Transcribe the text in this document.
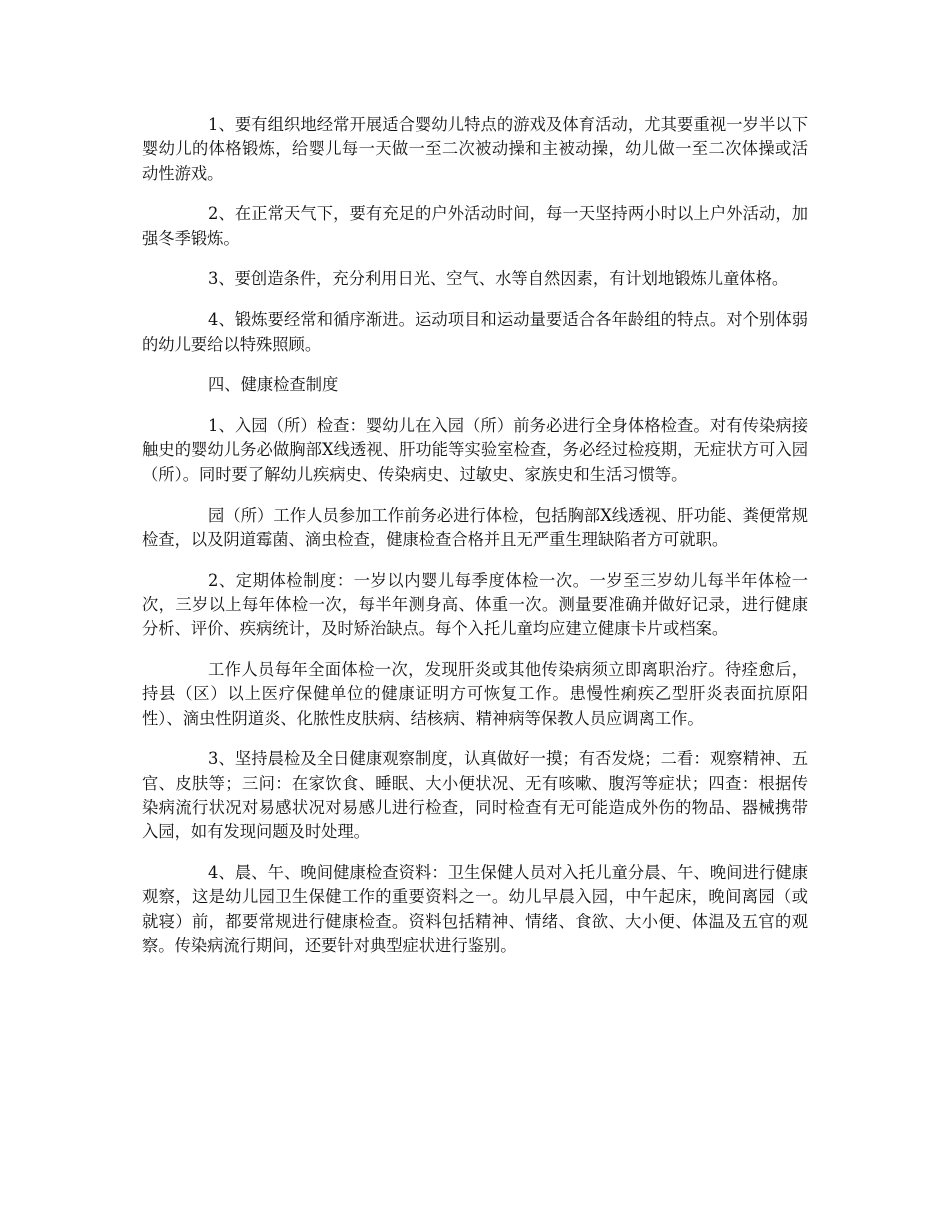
1、要有组织地经常开展适合婴幼儿特点的游戏及体育活动，尤其要重视一岁半以下婴幼儿的体格锻炼，给婴儿每一天做一至二次被动操和主被动操，幼儿做一至二次体操或活动性游戏。

2、在正常天气下，要有充足的户外活动时间，每一天坚持两小时以上户外活动，加强冬季锻炼。

3、要创造条件，充分利用日光、空气、水等自然因素，有计划地锻炼儿童体格。

4、锻炼要经常和循序渐进。运动项目和运动量要适合各年龄组的特点。对个别体弱的幼儿要给以特殊照顾。

四、健康检查制度

1、入园（所）检查：婴幼儿在入园（所）前务必进行全身体格检查。对有传染病接触史的婴幼儿务必做胸部X线透视、肝功能等实验室检查，务必经过检疫期，无症状方可入园（所）。同时要了解幼儿疾病史、传染病史、过敏史、家族史和生活习惯等。

园（所）工作人员参加工作前务必进行体检，包括胸部X线透视、肝功能、粪便常规检查，以及阴道霉菌、滴虫检查，健康检查合格并且无严重生理缺陷者方可就职。

2、定期体检制度：一岁以内婴儿每季度体检一次。一岁至三岁幼儿每半年体检一次，三岁以上每年体检一次，每半年测身高、体重一次。测量要准确并做好记录，进行健康分析、评价、疾病统计，及时矫治缺点。每个入托儿童均应建立健康卡片或档案。

工作人员每年全面体检一次，发现肝炎或其他传染病须立即离职治疗。待痊愈后，持县（区）以上医疗保健单位的健康证明方可恢复工作。患慢性痢疾乙型肝炎表面抗原阳性）、滴虫性阴道炎、化脓性皮肤病、结核病、精神病等保教人员应调离工作。

3、坚持晨检及全日健康观察制度，认真做好一摸；有否发烧；二看：观察精神、五官、皮肤等；三问：在家饮食、睡眠、大小便状况、无有咳嗽、腹泻等症状；四查：根据传染病流行状况对易感状况对易感儿进行检查，同时检查有无可能造成外伤的物品、器械携带入园，如有发现问题及时处理。

4、晨、午、晚间健康检查资料：卫生保健人员对入托儿童分晨、午、晚间进行健康观察，这是幼儿园卫生保健工作的重要资料之一。幼儿早晨入园，中午起床，晚间离园（或就寝）前，都要常规进行健康检查。资料包括精神、情绪、食欲、大小便、体温及五官的观察。传染病流行期间，还要针对典型症状进行鉴别。
